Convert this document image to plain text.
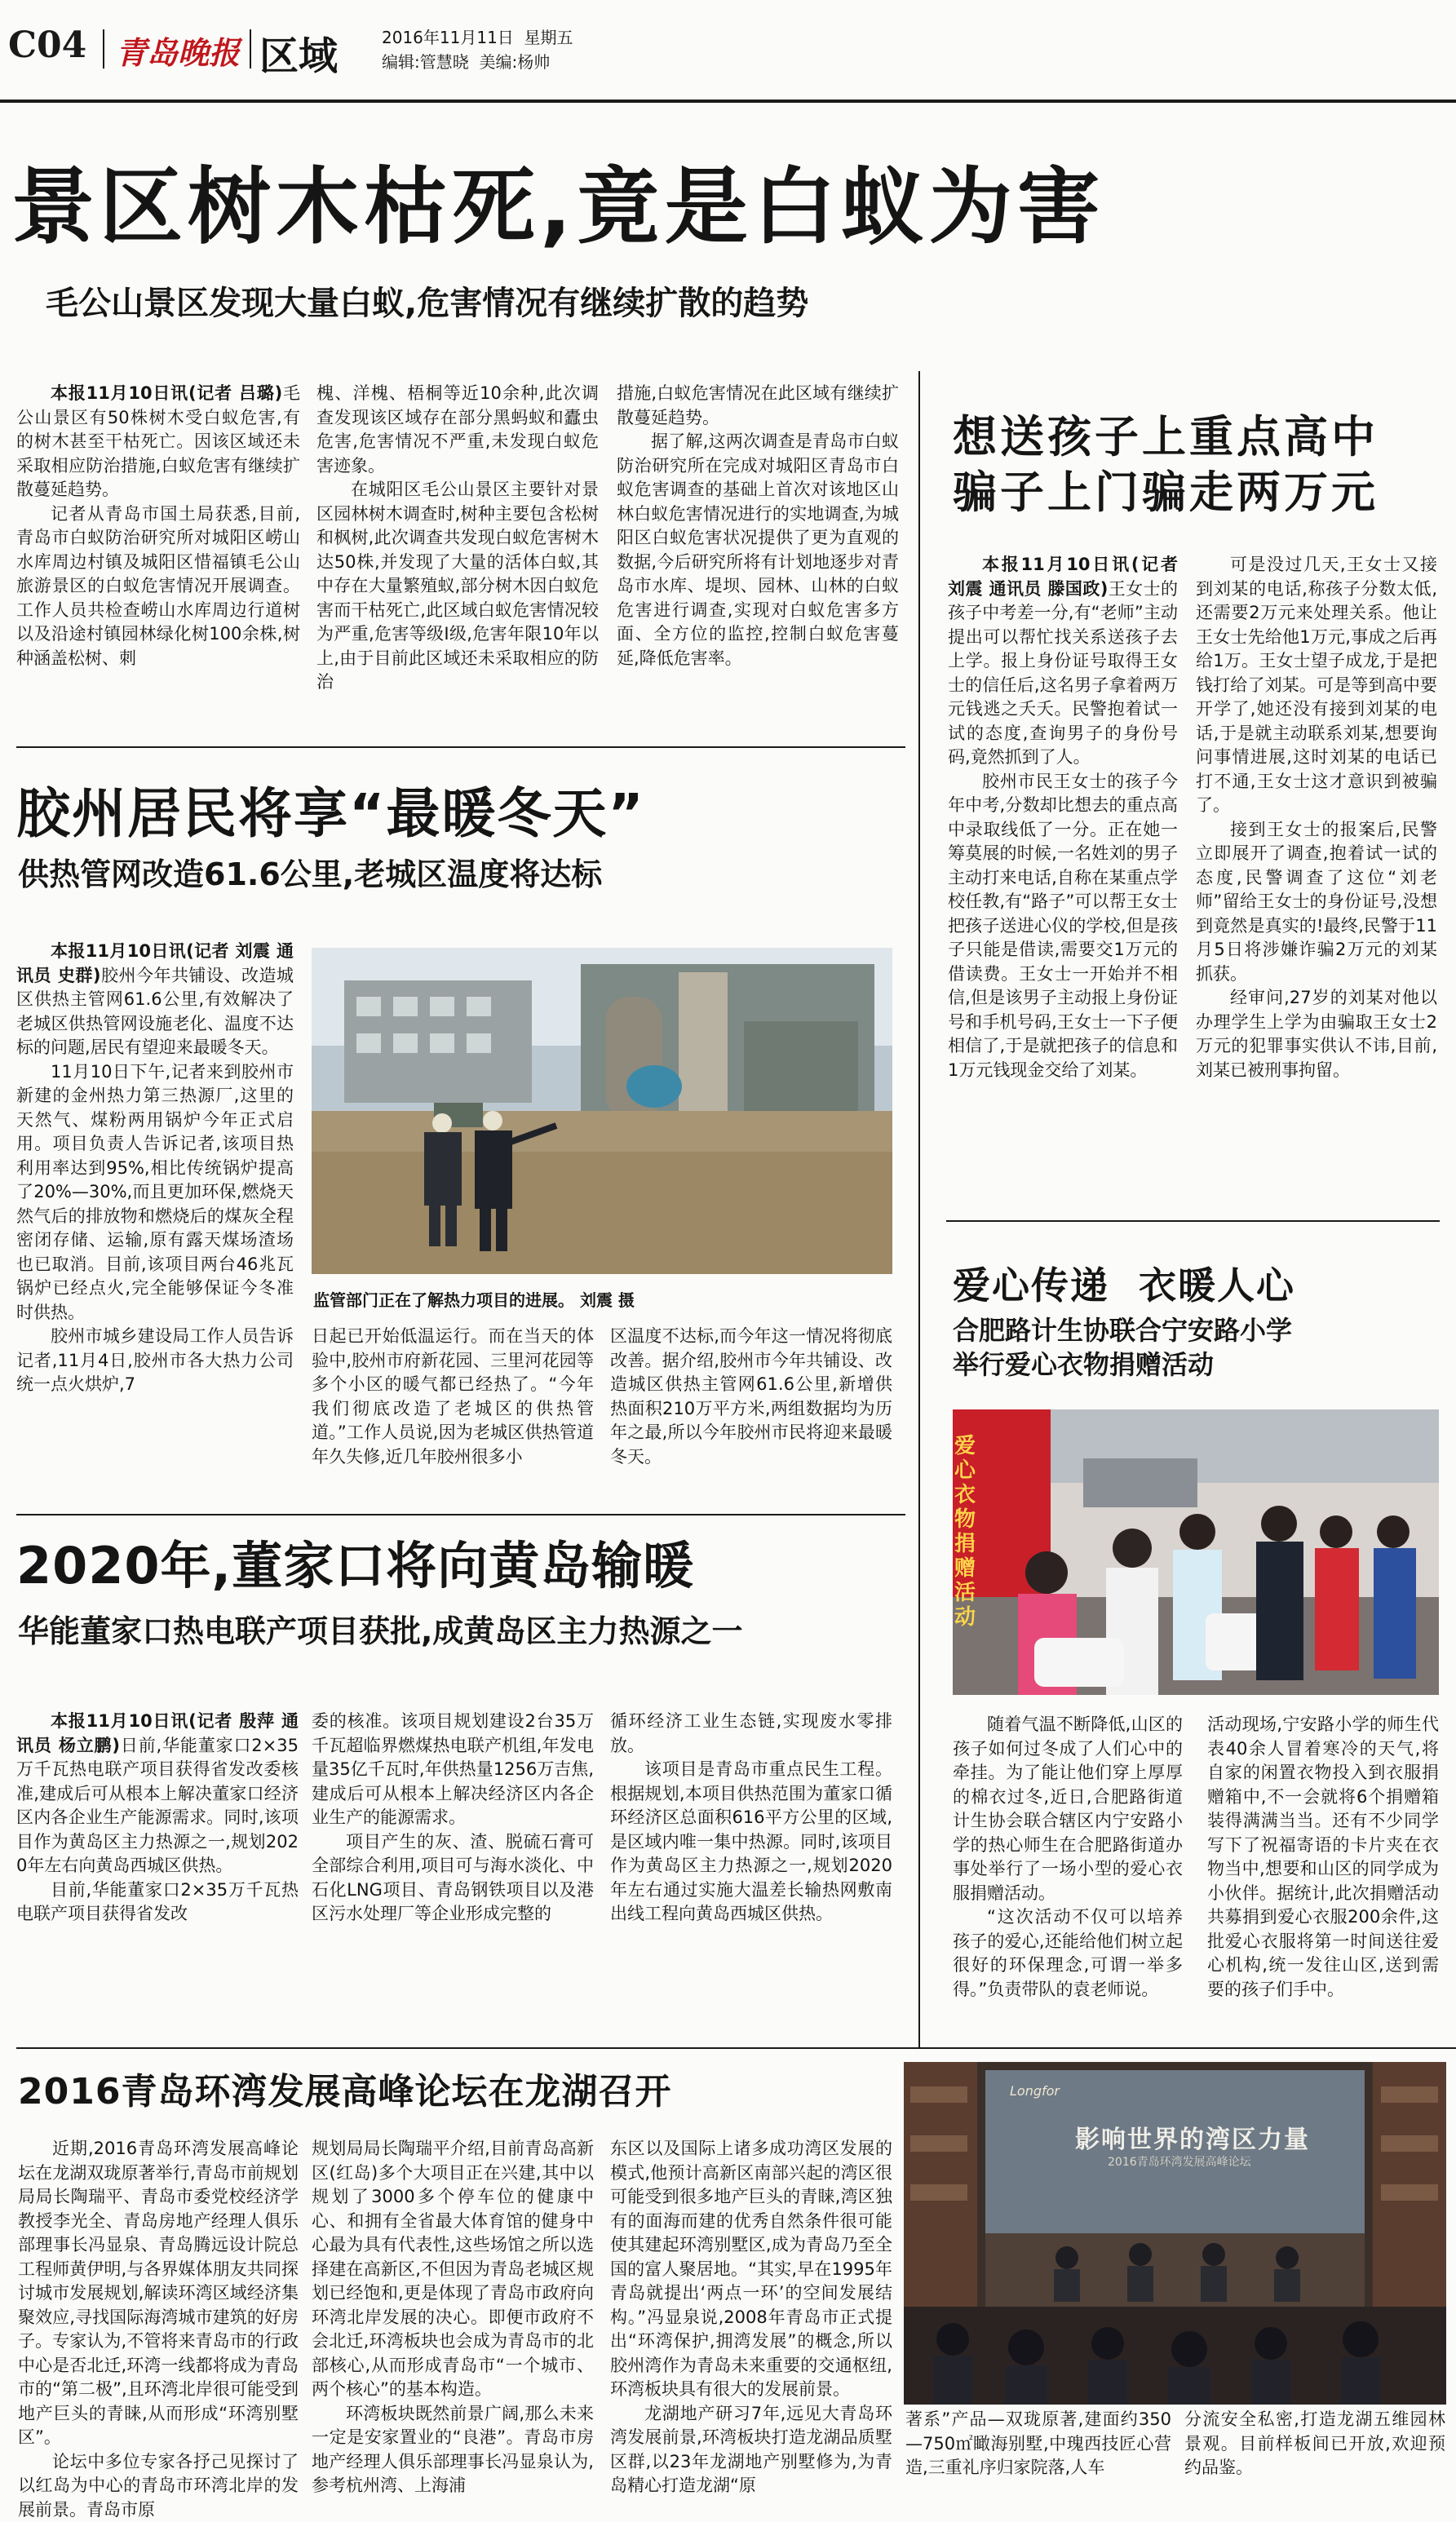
C04 青岛晚报 区域	2016年11月11日 星期五
编辑:管慧晓 美编:杨帅
景区树木枯死,竟是白蚁为害
毛公山景区发现大量白蚁,危害情况有继续扩散的趋势

本报11月10日讯(记者 吕璐)毛公山景区有50株树木受白蚁危害,有的树木甚至干枯死亡。因该区域还未采取相应防治措施,白蚁危害有继续扩散蔓延趋势。

记者从青岛市国土局获悉,目前,青岛市白蚁防治研究所对城阳区崂山水库周边村镇及城阳区惜福镇毛公山旅游景区的白蚁危害情况开展调查。工作人员共检查崂山水库周边行道树以及沿途村镇园林绿化树100余株,树种涵盖松树、刺

槐、洋槐、梧桐等近10余种,此次调查发现该区域存在部分黑蚂蚁和蠹虫危害,危害情况不严重,未发现白蚁危害迹象。

在城阳区毛公山景区主要针对景区园林树木调查时,树种主要包含松树和枫树,此次调查共发现白蚁危害树木达50株,并发现了大量的活体白蚁,其中存在大量繁殖蚁,部分树木因白蚁危害而干枯死亡,此区域白蚁危害情况较为严重,危害等级I级,危害年限10年以上,由于目前此区域还未采取相应的防治

措施,白蚁危害情况在此区域有继续扩散蔓延趋势。

据了解,这两次调查是青岛市白蚁防治研究所在完成对城阳区青岛市白蚁危害调查的基础上首次对该地区山林白蚁危害情况进行的实地调查,为城阳区白蚁危害状况提供了更为直观的数据,今后研究所将有计划地逐步对青岛市水库、堤坝、园林、山林的白蚁危害进行调查,实现对白蚁危害多方面、全方位的监控,控制白蚁危害蔓延,降低危害率。

胶州居民将享“最暖冬天”
供热管网改造61.6公里,老城区温度将达标

本报11月10日讯(记者 刘震 通讯员 史群)胶州今年共铺设、改造城区供热主管网61.6公里,有效解决了老城区供热管网设施老化、温度不达标的问题,居民有望迎来最暖冬天。

11月10日下午,记者来到胶州市新建的金州热力第三热源厂,这里的天然气、煤粉两用锅炉今年正式启用。项目负责人告诉记者,该项目热利用率达到95%,相比传统锅炉提高了20%—30%,而且更加环保,燃烧天然气后的排放物和燃烧后的煤灰全程密闭存储、运输,原有露天煤场渣场也已取消。目前,该项目两台46兆瓦锅炉已经点火,完全能够保证今冬准时供热。

胶州市城乡建设局工作人员告诉记者,11月4日,胶州市各大热力公司统一点火烘炉,7

监管部门正在了解热力项目的进展。 刘震 摄

日起已开始低温运行。而在当天的体验中,胶州市府新花园、三里河花园等多个小区的暖气都已经热了。“今年我们彻底改造了老城区的供热管道。”工作人员说,因为老城区供热管道年久失修,近几年胶州很多小

区温度不达标,而今年这一情况将彻底改善。据介绍,胶州市今年共铺设、改造城区供热主管网61.6公里,新增供热面积210万平方米,两组数据均为历年之最,所以今年胶州市民将迎来最暖冬天。

2020年,董家口将向黄岛输暖
华能董家口热电联产项目获批,成黄岛区主力热源之一

本报11月10日讯(记者 殷萍 通讯员 杨立鹏)日前,华能董家口2×35万千瓦热电联产项目获得省发改委核准,建成后可从根本上解决董家口经济区内各企业生产能源需求。同时,该项目作为黄岛区主力热源之一,规划2020年左右向黄岛西城区供热。

目前,华能董家口2×35万千瓦热电联产项目获得省发改

委的核准。该项目规划建设2台35万千瓦超临界燃煤热电联产机组,年发电量35亿千瓦时,年供热量1256万吉焦,建成后可从根本上解决经济区内各企业生产的能源需求。

项目产生的灰、渣、脱硫石膏可全部综合利用,项目可与海水淡化、中石化LNG项目、青岛钢铁项目以及港区污水处理厂等企业形成完整的

循环经济工业生态链,实现废水零排放。

该项目是青岛市重点民生工程。根据规划,本项目供热范围为董家口循环经济区总面积616平方公里的区域,是区域内唯一集中热源。同时,该项目作为黄岛区主力热源之一,规划2020年左右通过实施大温差长输热网敷南出线工程向黄岛西城区供热。

想送孩子上重点高中
骗子上门骗走两万元

本报11月10日讯(记者 刘震 通讯员 滕国政)王女士的孩子中考差一分,有“老师”主动提出可以帮忙找关系送孩子去上学。报上身份证号取得王女士的信任后,这名男子拿着两万元钱逃之夭夭。民警抱着试一试的态度,查询男子的身份号码,竟然抓到了人。

胶州市民王女士的孩子今年中考,分数却比想去的重点高中录取线低了一分。正在她一筹莫展的时候,一名姓刘的男子主动打来电话,自称在某重点学校任教,有“路子”可以帮王女士把孩子送进心仪的学校,但是孩子只能是借读,需要交1万元的借读费。王女士一开始并不相信,但是该男子主动报上身份证号和手机号码,王女士一下子便相信了,于是就把孩子的信息和1万元钱现金交给了刘某。

可是没过几天,王女士又接到刘某的电话,称孩子分数太低,还需要2万元来处理关系。他让王女士先给他1万元,事成之后再给1万。王女士望子成龙,于是把钱打给了刘某。可是等到高中要开学了,她还没有接到刘某的电话,于是就主动联系刘某,想要询问事情进展,这时刘某的电话已打不通,王女士这才意识到被骗了。

接到王女士的报案后,民警立即展开了调查,抱着试一试的态度,民警调查了这位“刘老师”留给王女士的身份证号,没想到竟然是真实的!最终,民警于11月5日将涉嫌诈骗2万元的刘某抓获。

经审问,27岁的刘某对他以办理学生上学为由骗取王女士2万元的犯罪事实供认不讳,目前,刘某已被刑事拘留。

爱心传递  衣暖人心
合肥路计生协联合宁安路小学
举行爱心衣物捐赠活动
爱心衣物捐赠活动

随着气温不断降低,山区的孩子如何过冬成了人们心中的牵挂。为了能让他们穿上厚厚的棉衣过冬,近日,合肥路街道计生协会联合辖区内宁安路小学的热心师生在合肥路街道办事处举行了一场小型的爱心衣服捐赠活动。

“这次活动不仅可以培养孩子的爱心,还能给他们树立起很好的环保理念,可谓一举多得。”负责带队的袁老师说。

活动现场,宁安路小学的师生代表40余人冒着寒冷的天气,将自家的闲置衣物投入到衣服捐赠箱中,不一会就将6个捐赠箱装得满满当当。还有不少同学写下了祝福寄语的卡片夹在衣物当中,想要和山区的同学成为小伙伴。据统计,此次捐赠活动共募捐到爱心衣服200余件,这批爱心衣服将第一时间送往爱心机构,统一发往山区,送到需要的孩子们手中。

2016青岛环湾发展高峰论坛在龙湖召开

近期,2016青岛环湾发展高峰论坛在龙湖双珑原著举行,青岛市前规划局局长陶瑞平、青岛市委党校经济学教授李光全、青岛房地产经理人俱乐部理事长冯显泉、青岛腾远设计院总工程师黄伊明,与各界媒体朋友共同探讨城市发展规划,解读环湾区域经济集聚效应,寻找国际海湾城市建筑的好房子。专家认为,不管将来青岛市的行政中心是否北迁,环湾一线都将成为青岛市的“第二极”,且环湾北岸很可能受到地产巨头的青睐,从而形成“环湾别墅区”。

论坛中多位专家各抒己见探讨了以红岛为中心的青岛市环湾北岸的发展前景。青岛市原

规划局局长陶瑞平介绍,目前青岛高新区(红岛)多个大项目正在兴建,其中以规划了3000多个停车位的健康中心、和拥有全省最大体育馆的健身中心最为具有代表性,这些场馆之所以选择建在高新区,不但因为青岛老城区规划已经饱和,更是体现了青岛市政府向环湾北岸发展的决心。即便市政府不会北迁,环湾板块也会成为青岛市的北部核心,从而形成青岛市“一个城市、两个核心”的基本构造。

环湾板块既然前景广阔,那么未来一定是安家置业的“良港”。青岛市房地产经理人俱乐部理事长冯显泉认为,参考杭州湾、上海浦

东区以及国际上诸多成功湾区发展的模式,他预计高新区南部兴起的湾区很可能受到很多地产巨头的青睐,湾区独有的面海而建的优秀自然条件很可能使其建起环湾别墅区,成为青岛乃至全国的富人聚居地。“其实,早在1995年青岛就提出‘两点一环’的空间发展结构。”冯显泉说,2008年青岛市正式提出“环湾保护,拥湾发展”的概念,所以胶州湾作为青岛未来重要的交通枢纽,环湾板块具有很大的发展前景。

龙湖地产研习7年,远见大青岛环湾发展前景,环湾板块打造龙湖品质墅区群,以23年龙湖地产别墅修为,为青岛精心打造龙湖“原

Longfor
影响世界的湾区力量
2016青岛环湾发展高峰论坛

著系”产品—双珑原著,建面约350—750㎡瞰海别墅,中瑰西技匠心营造,三重礼序归家院落,人车

分流安全私密,打造龙湖五维园林景观。目前样板间已开放,欢迎预约品鉴。
